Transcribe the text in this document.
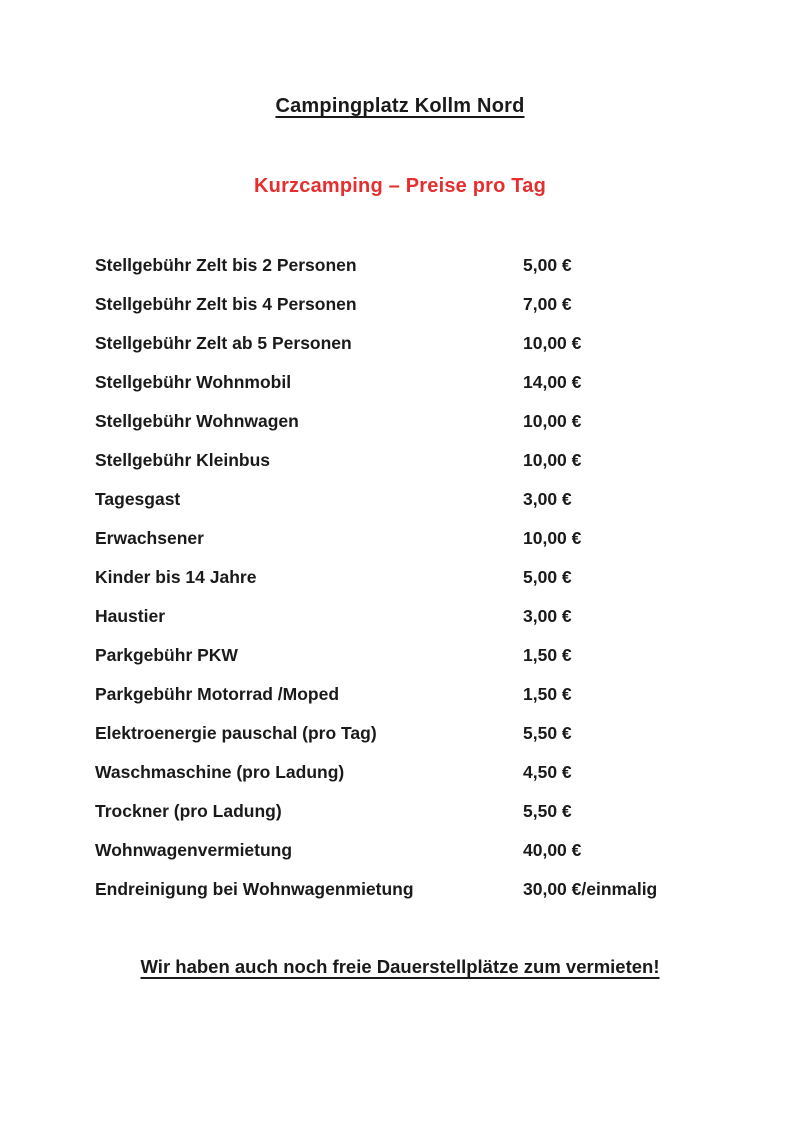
Campingplatz Kollm Nord
Kurzcamping – Preise pro Tag
Stellgebühr Zelt bis 2 Personen	5,00 €
Stellgebühr Zelt bis 4 Personen	7,00 €
Stellgebühr Zelt ab 5 Personen	10,00 €
Stellgebühr Wohnmobil	14,00 €
Stellgebühr Wohnwagen	10,00 €
Stellgebühr Kleinbus	10,00 €
Tagesgast	3,00 €
Erwachsener	10,00 €
Kinder bis 14 Jahre	5,00 €
Haustier	3,00 €
Parkgebühr PKW	1,50 €
Parkgebühr Motorrad /Moped	1,50 €
Elektroenergie pauschal (pro Tag)	5,50 €
Waschmaschine (pro Ladung)	4,50 €
Trockner (pro Ladung)	5,50 €
Wohnwagenvermietung	40,00 €
Endreinigung bei Wohnwagenmietung	30,00 €/einmalig
Wir haben auch noch freie Dauerstellplätze zum vermieten!
